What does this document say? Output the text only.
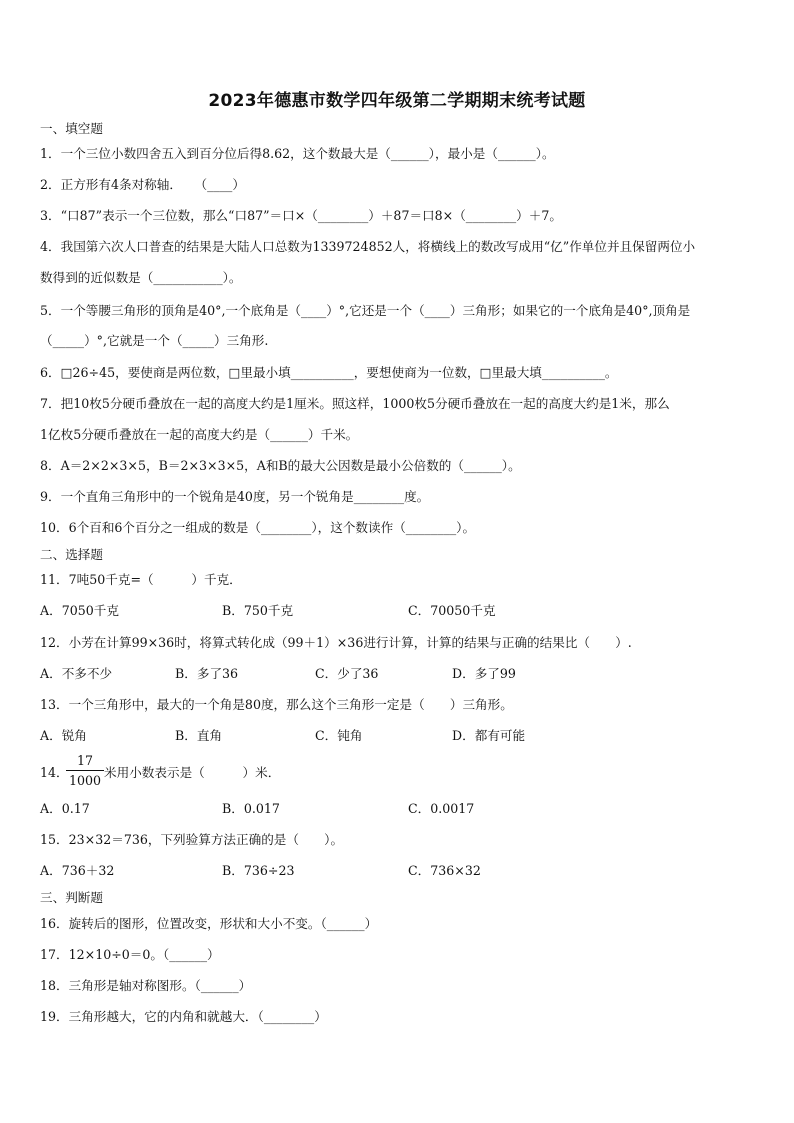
2023年德惠市数学四年级第二学期期末统考试题
一、填空题
1．一个三位小数四舍五入到百分位后得8.62，这个数最大是（______），最小是（______）。
2．正方形有4条对称轴．　　（____）
3．“口87”表示一个三位数，那么“口87”＝口×（________）＋87＝口8×（________）＋7。
4．我国第六次人口普查的结果是大陆人口总数为1339724852人，将横线上的数改写成用“亿”作单位并且保留两位小
数得到的近似数是（___________）。
5．一个等腰三角形的顶角是40°,一个底角是（____）°,它还是一个（____）三角形；如果它的一个底角是40°,顶角是
（_____）°,它就是一个（_____）三角形.
6．□26÷45，要使商是两位数，□里最小填__________，要想使商为一位数，□里最大填__________。
7．把10枚5分硬币叠放在一起的高度大约是1厘米。照这样，1000枚5分硬币叠放在一起的高度大约是1米，那么
1亿枚5分硬币叠放在一起的高度大约是（______）千米。
8．A＝2×2×3×5，B＝2×3×3×5，A和B的最大公因数是最小公倍数的（______）。
9．一个直角三角形中的一个锐角是40度，另一个锐角是________度。
10．6个百和6个百分之一组成的数是（________），这个数读作（________）。
二、选择题
11．7吨50千克=（　　　）千克．
A．7050千克	B．750千克	C．70050千克
12．小芳在计算99×36时，将算式转化成（99＋1）×36进行计算，计算的结果与正确的结果比（　　）.
A．不多不少	B．多了36	C．少了36	D．多了99
13．一个三角形中，最大的一个角是80度，那么这个三角形一定是（　　）三角形。
A．锐角	B．直角	C．钝角	D．都有可能
14．
$\frac{17}{1000}$ 米用小数表示是（　　　）米．
A．0.17	B．0.017	C．0.0017
15．23×32＝736，下列验算方法正确的是（　　）。
A．736＋32	B．736÷23	C．736×32
三、判断题
16．旋转后的图形，位置改变，形状和大小不变。（______）
17．12×10÷0＝0。（______）
18．三角形是轴对称图形。（______）
19．三角形越大，它的内角和就越大．（________）
